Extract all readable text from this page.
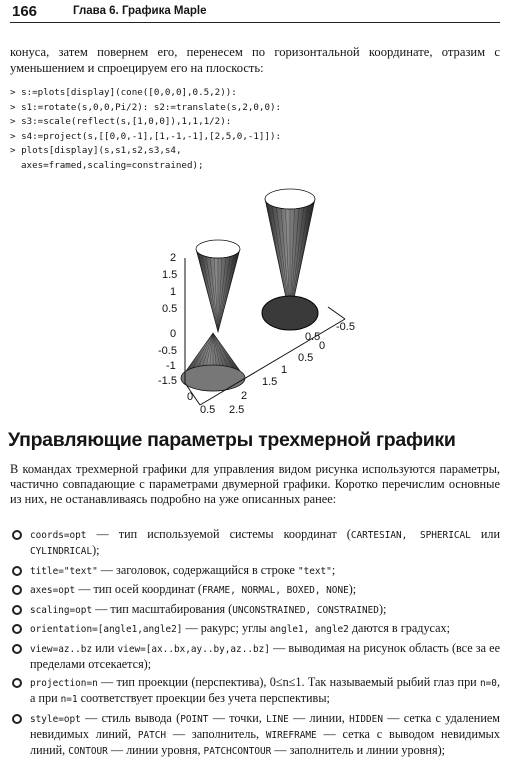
166	Глава 6. Графика Maple
конуса, затем повернем его, перенесем по горизонтальной координате, отразим с уменьшением и спроецируем его на плоскость:
> s:=plots[display](cone([0,0,0],0.5,2)):
> s1:=rotate(s,0,0,Pi/2): s2:=translate(s,2,0,0):
> s3:=scale(reflect(s,[1,0,0]),1,1,1/2):
> s4:=project(s,[[0,0,-1],[1,-1,-1],[2,5,0,-1]]):
> plots[display](s,s1,s2,s3,s4,
axes=framed,scaling=constrained);
2
1.5
1
0.5
0
-0.5
-1
-1.5
0
0.5 2.5
2
1.5
1
0.5
0
-0.5
0.5
Управляющие параметры трехмерной графики
В командах трехмерной графики для управления видом рисунка используются параметры, частично совпадающие с параметрами двумерной графики. Коротко перечислим основные из них, не останавливаясь подробно на уже описанных ранее:
coords=opt — тип используемой системы координат (CARTESIAN, SPHERICAL или CYLINDRICAL);
title="text" — заголовок, содержащийся в строке "text";
axes=opt — тип осей координат (FRAME, NORMAL, BOXED, NONE);
scaling=opt — тип масштабирования (UNCONSTRAINED, CONSTRAINED);
orientation=[angle1,angle2] — ракурс; углы angle1, angle2 даются в градусах;
view=az..bz или view=[ax..bx,ay..by,az..bz] — выводимая на рисунок область (все за ее пределами отсекается);
projection=n — тип проекции (перспектива), 0≤n≤1. Так называемый рыбий глаз при n=0, а при n=1 соответствует проекции без учета перспективы;
style=opt — стиль вывода (POINT — точки, LINE — линии, HIDDEN — сетка с удалением невидимых линий, PATCH — заполнитель, WIREFRAME — сетка с выводом невидимых линий, CONTOUR — линии уровня, PATCHCONTOUR — заполнитель и линии уровня);
